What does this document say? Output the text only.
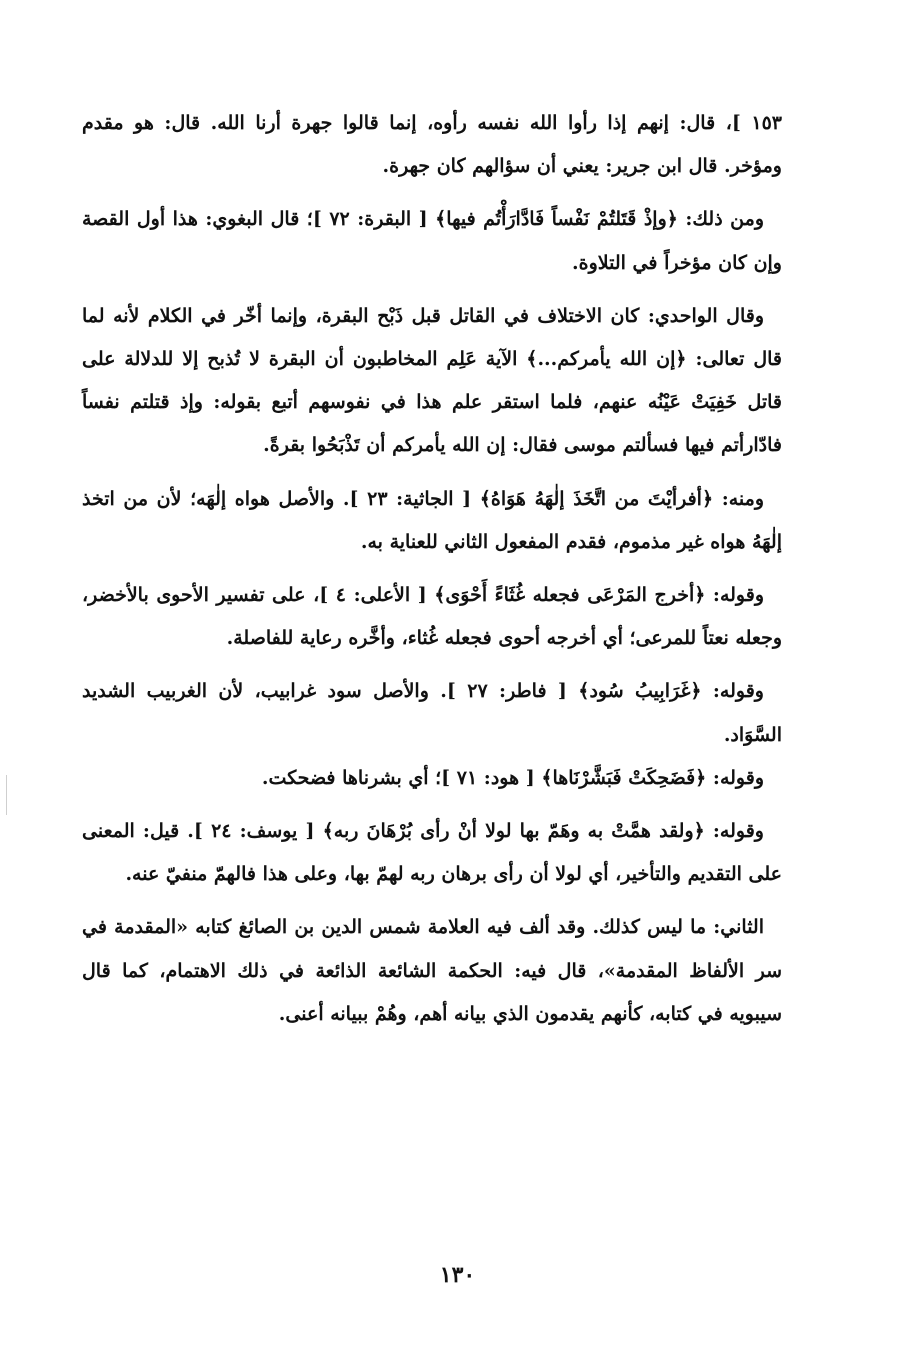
١٥٣ ]، قال: إنهم إذا رأوا الله نفسه رأوه، إنما قالوا جهرة أرنا الله. قال: هو مقدم ومؤخر. قال ابن جرير: يعني أن سؤالهم كان جهرة.

ومن ذلك: ﴿وإذْ قَتَلتُمْ نَفْساً فَادَّارَأْتُم فيها﴾ [ البقرة: ٧٢ ]؛ قال البغوي: هذا أول القصة وإن كان مؤخراً في التلاوة.

وقال الواحدي: كان الاختلاف في القاتل قبل ذَبْح البقرة، وإنما أخّر في الكلام لأنه لما قال تعالى: ﴿إن الله يأمركم...﴾ الآية عَلِم المخاطبون أن البقرة لا تُذبح إلا للدلالة على قاتل خَفِيَتْ عَيْنُه عنهم، فلما استقر علم هذا في نفوسهم أتبع بقوله: وإذ قتلتم نفساً فادّارأتم فيها فسألتم موسى فقال: إن الله يأمركم أن تَذْبَحُوا بقرةً.

ومنه: ﴿أفرأيْتَ من اتَّخَذَ إلٰهَهُ هَوَاهُ﴾ [ الجاثية: ٢٣ ]. والأصل هواه إلٰهَه؛ لأن من اتخذ إلٰهَهُ هواه غير مذموم، فقدم المفعول الثاني للعناية به.

وقوله: ﴿أخرج المَرْعَى فجعله غُثَاءً أَحْوَى﴾ [ الأعلى: ٤ ]، على تفسير الأحوى بالأخضر، وجعله نعتاً للمرعى؛ أي أخرجه أحوى فجعله غُثاء، وأخَّره رعاية للفاصلة.

وقوله: ﴿غَرَابِيبُ سُود﴾ [ فاطر: ٢٧ ]. والأصل سود غرابيب، لأن الغربيب الشديد السَّوَاد.

وقوله: ﴿فَضَحِكَتْ فَبَشَّرْنَاها﴾ [ هود: ٧١ ]؛ أي بشرناها فضحكت.

وقوله: ﴿ولقد همَّتْ به وهَمّ بها لولا أنْ رأى بُرْهَانَ ربه﴾ [ يوسف: ٢٤ ]. قيل: المعنى على التقديم والتأخير، أي لولا أن رأى برهان ربه لهمّ بها، وعلى هذا فالهمّ منفيّ عنه.

الثاني: ما ليس كذلك. وقد ألف فيه العلامة شمس الدين بن الصائغ كتابه «المقدمة في سر الألفاظ المقدمة»، قال فيه: الحكمة الشائعة الذائعة في ذلك الاهتمام، كما قال سيبويه في كتابه، كأنهم يقدمون الذي بيانه أهم، وهُمْ ببيانه أعنى.

١٣٠
